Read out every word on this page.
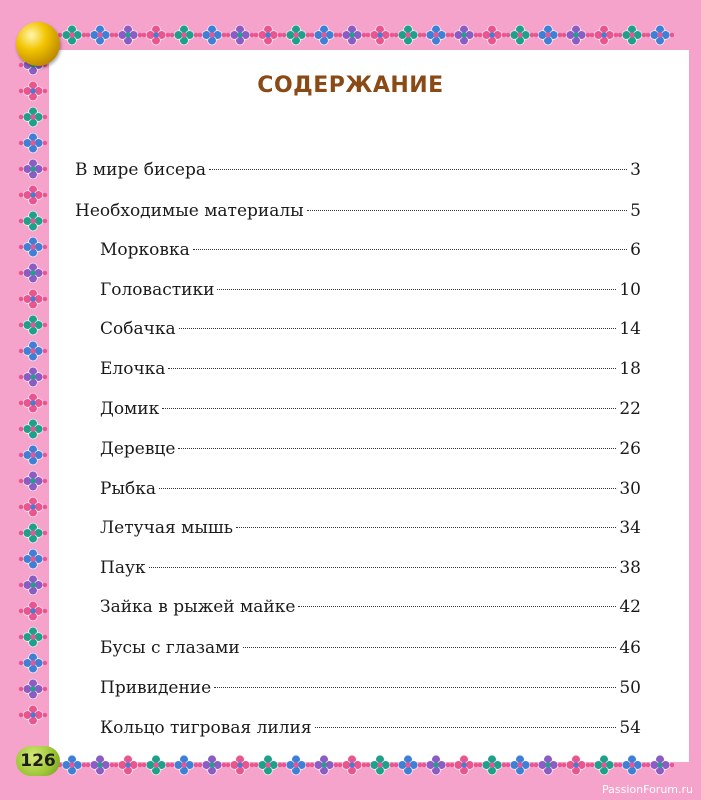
СОДЕРЖАНИЕ
В мире бисера	3
Необходимые материалы	5
Морковка	6
Головастики	10
Собачка	14
Елочка	18
Домик	22
Деревце	26
Рыбка	30
Летучая мышь	34
Паук	38
Зайка в рыжей майке	42
Бусы с глазами	46
Привидение	50
Кольцо тигровая лилия	54
126
PassionForum.ru
